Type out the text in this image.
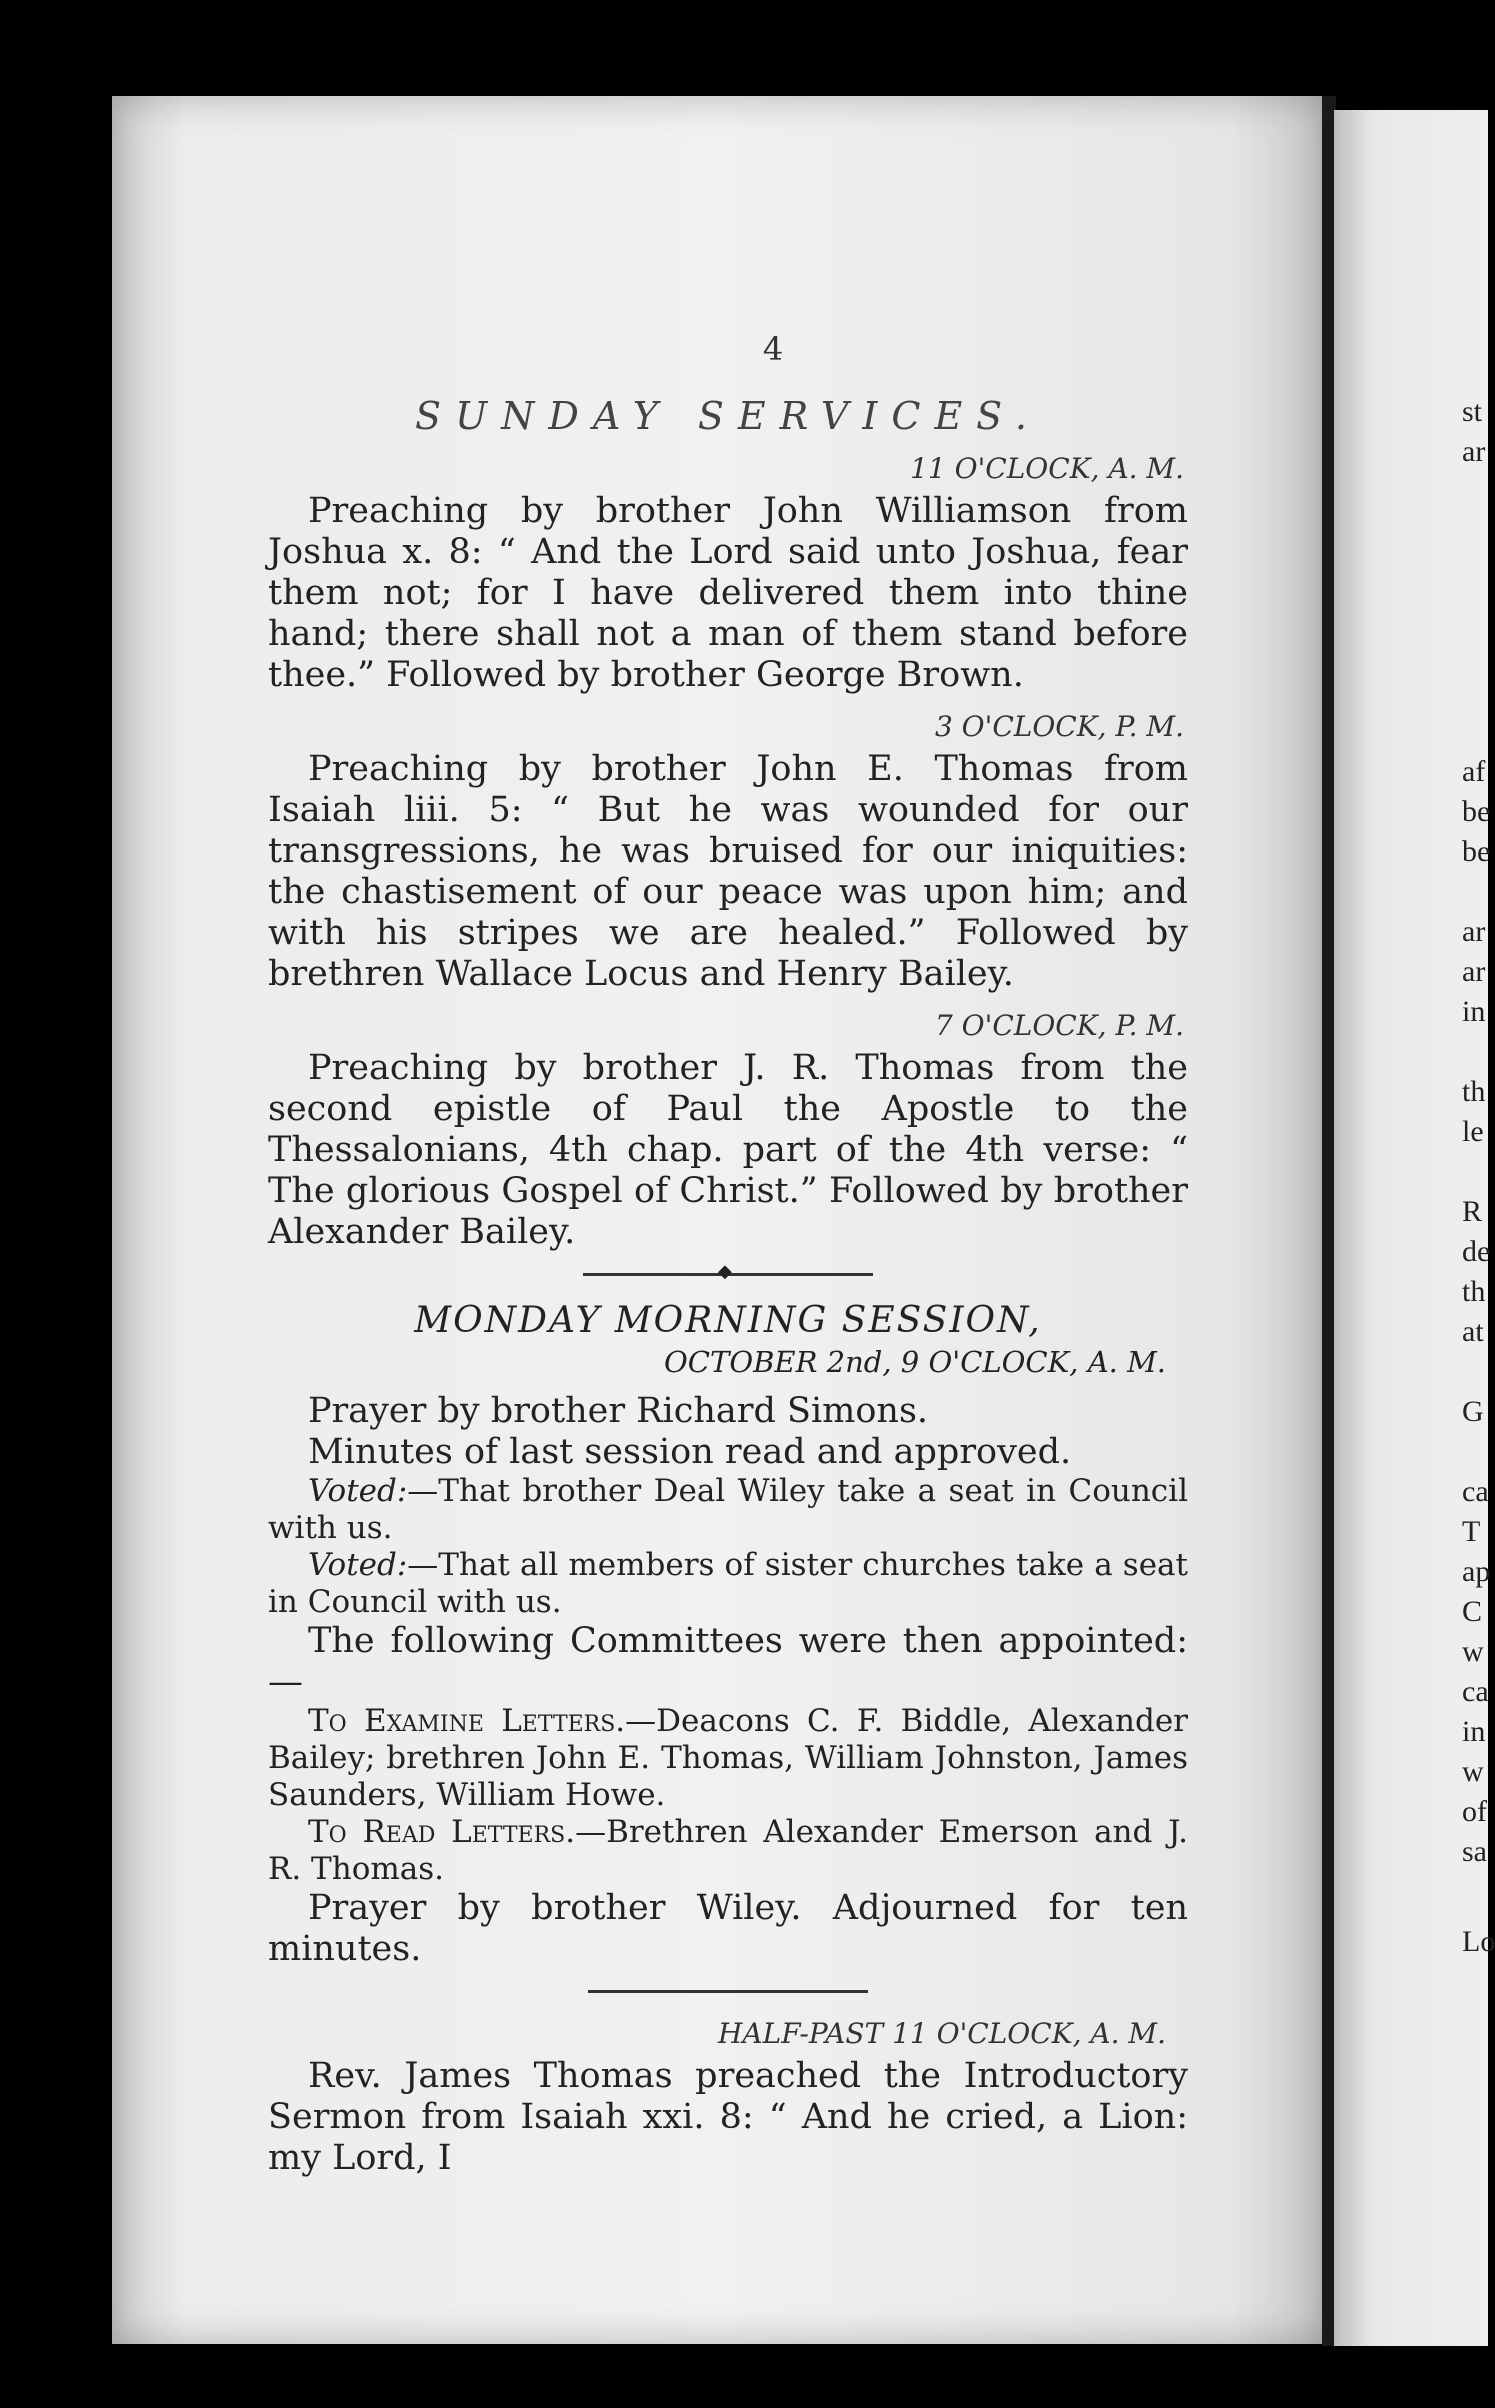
4
SUNDAY SERVICES.
11 O'CLOCK, A. M.
Preaching by brother John Williamson from Joshua x. 8: “ And the Lord said unto Joshua, fear them not; for I have delivered them into thine hand; there shall not a man of them stand before thee.” Followed by brother George Brown.
3 O'CLOCK, P. M.
Preaching by brother John E. Thomas from Isaiah liii. 5: “ But he was wounded for our transgressions, he was bruised for our iniquities: the chastisement of our peace was upon him; and with his stripes we are healed.” Followed by brethren Wallace Locus and Henry Bailey.
7 O'CLOCK, P. M.
Preaching by brother J. R. Thomas from the second epistle of Paul the Apostle to the Thessalonians, 4th chap. part of the 4th verse: “ The glorious Gospel of Christ.” Followed by brother Alexander Bailey.
◆
MONDAY MORNING SESSION,
OCTOBER 2nd, 9 O'CLOCK, A. M.
Prayer by brother Richard Simons.
Minutes of last session read and approved.
Voted:—That brother Deal Wiley take a seat in Council with us.
Voted:—That all members of sister churches take a seat in Council with us.
The following Committees were then appointed:—
To Examine Letters.—Deacons C. F. Biddle, Alexander Bailey; brethren John E. Thomas, William Johnston, James Saunders, William Howe.
To Read Letters.—Brethren Alexander Emerson and J. R. Thomas.
Prayer by brother Wiley. Adjourned for ten minutes.
HALF-PAST 11 O'CLOCK, A. M.
Rev. James Thomas preached the Introductory Sermon from Isaiah xxi. 8: “ And he cried, a Lion: my Lord, I
st
ar
af
be
be
ar
ar
in
th
le
R
de
th
at
G
ca
T
ap
C
w
ca
in
w
of
sa
Lo
